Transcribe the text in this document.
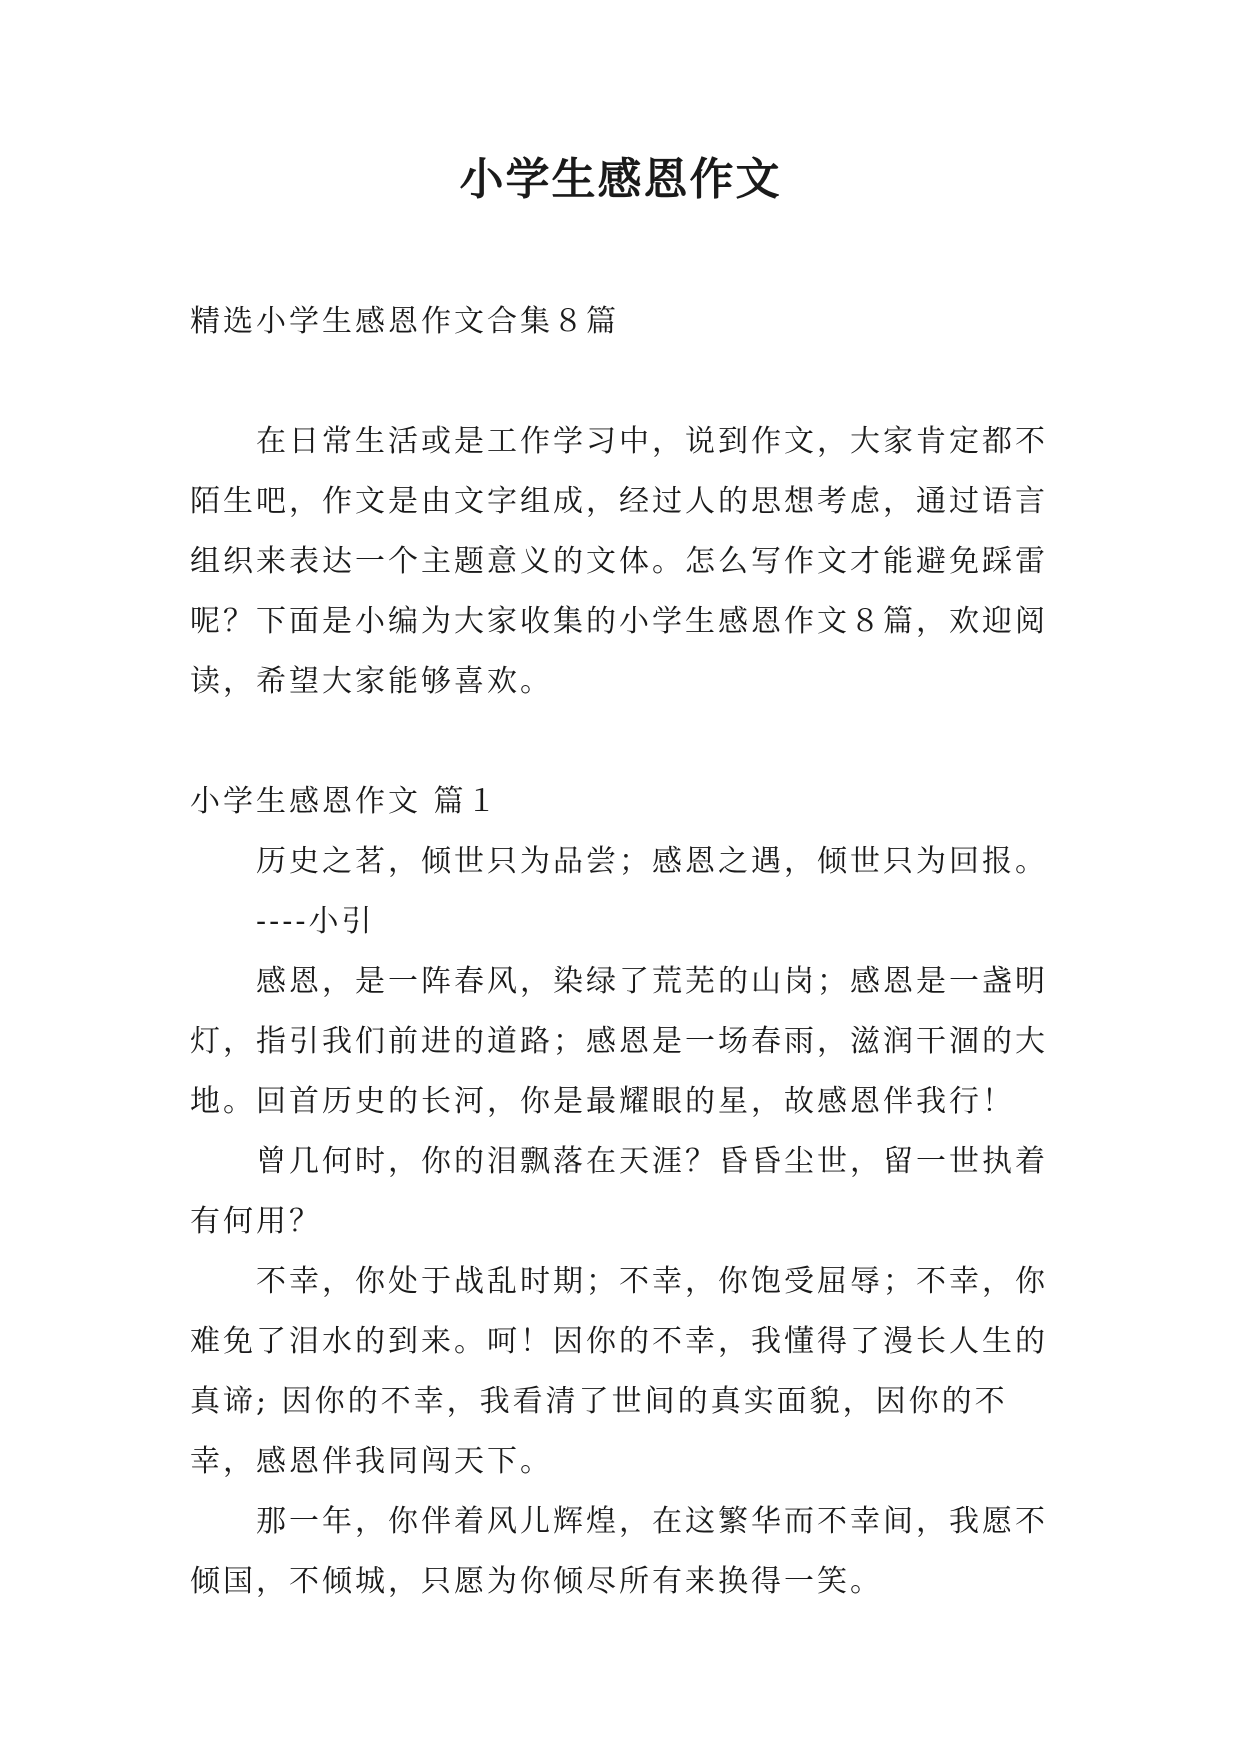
小学生感恩作文

精选小学生感恩作文合集８篇

在日常生活或是工作学习中，说到作文，大家肯定都不陌生吧，作文是由文字组成，经过人的思想考虑，通过语言组织来表达一个主题意义的文体。怎么写作文才能避免踩雷呢？下面是小编为大家收集的小学生感恩作文８篇，欢迎阅读，希望大家能够喜欢。

小学生感恩作文 篇１

历史之茗，倾世只为品尝；感恩之遇，倾世只为回报。

----小引

感恩，是一阵春风，染绿了荒芜的山岗；感恩是一盏明灯，指引我们前进的道路；感恩是一场春雨，滋润干涸的大地。回首历史的长河，你是最耀眼的星，故感恩伴我行！

曾几何时，你的泪飘落在天涯？昏昏尘世，留一世执着有何用？

不幸，你处于战乱时期；不幸，你饱受屈辱；不幸，你难免了泪水的到来。呵！因你的不幸，我懂得了漫长人生的真谛; 因你的不幸，我看清了世间的真实面貌，因你的不幸，感恩伴我同闯天下。

那一年，你伴着风儿辉煌，在这繁华而不幸间，我愿不倾国，不倾城，只愿为你倾尽所有来换得一笑。
